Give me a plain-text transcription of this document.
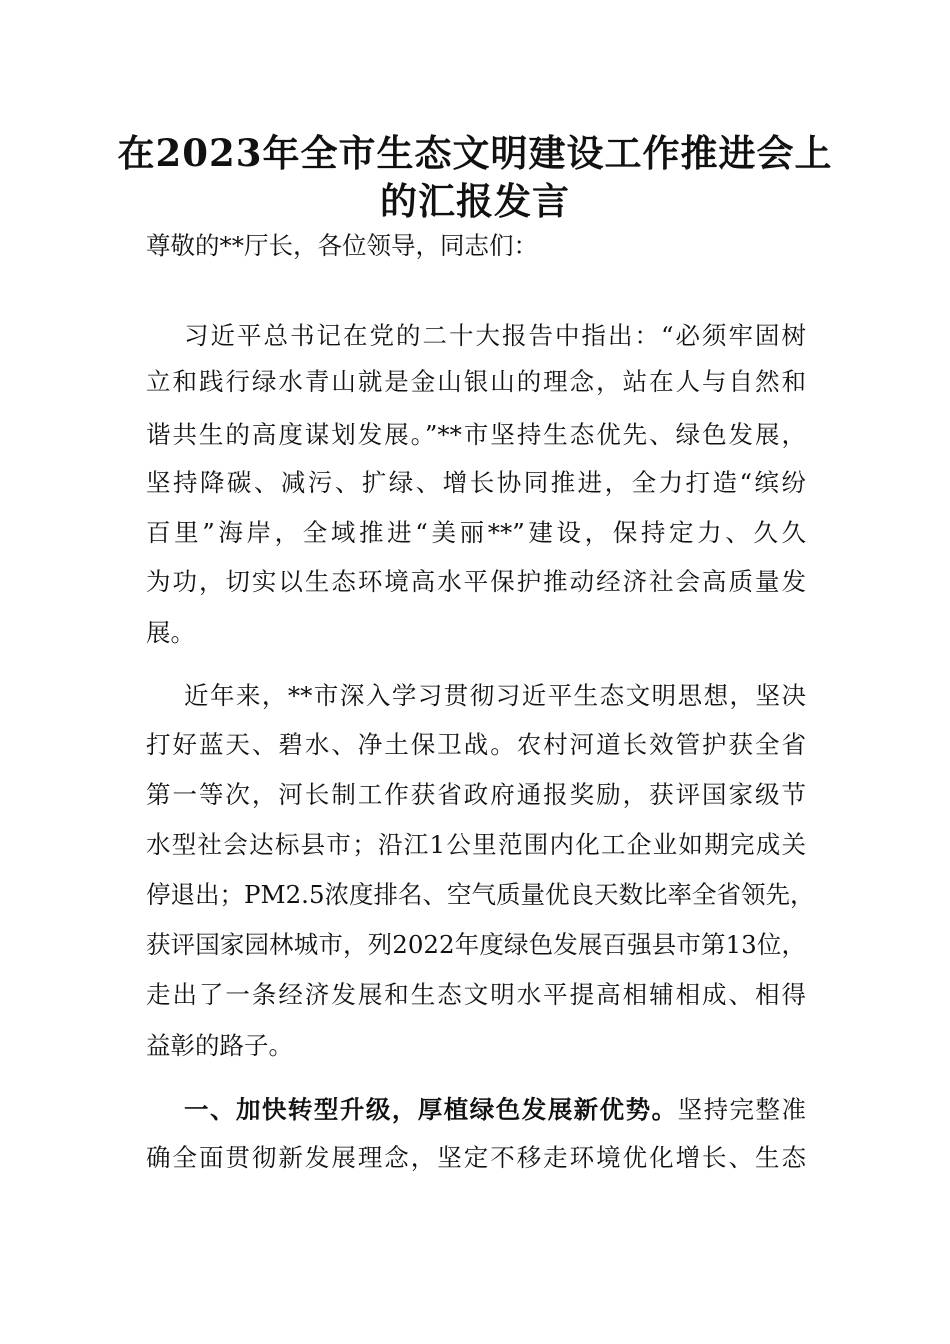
在2023年全市生态文明建设工作推进会上
的汇报发言
尊敬的**厅长，各位领导，同志们：
习近平总书记在党的二十大报告中指出：“必须牢固树
立和践行绿水青山就是金山银山的理念，站在人与自然和
谐共生的高度谋划发展。”**市坚持生态优先、绿色发展，
坚持降碳、减污、扩绿、增长协同推进，全力打造“缤纷
百里”海岸，全域推进“美丽**”建设，保持定力、久久
为功，切实以生态环境高水平保护推动经济社会高质量发
展。
近年来，**市深入学习贯彻习近平生态文明思想，坚决
打好蓝天、碧水、净土保卫战。农村河道长效管护获全省
第一等次，河长制工作获省政府通报奖励，获评国家级节
水型社会达标县市；沿江1公里范围内化工企业如期完成关
停退出；PM2.5浓度排名、空气质量优良天数比率全省领先，
获评国家园林城市，列2022年度绿色发展百强县市第13位，
走出了一条经济发展和生态文明水平提高相辅相成、相得
益彰的路子。
一、加快转型升级，厚植绿色发展新优势。坚持完整准
确全面贯彻新发展理念，坚定不移走环境优化增长、生态
